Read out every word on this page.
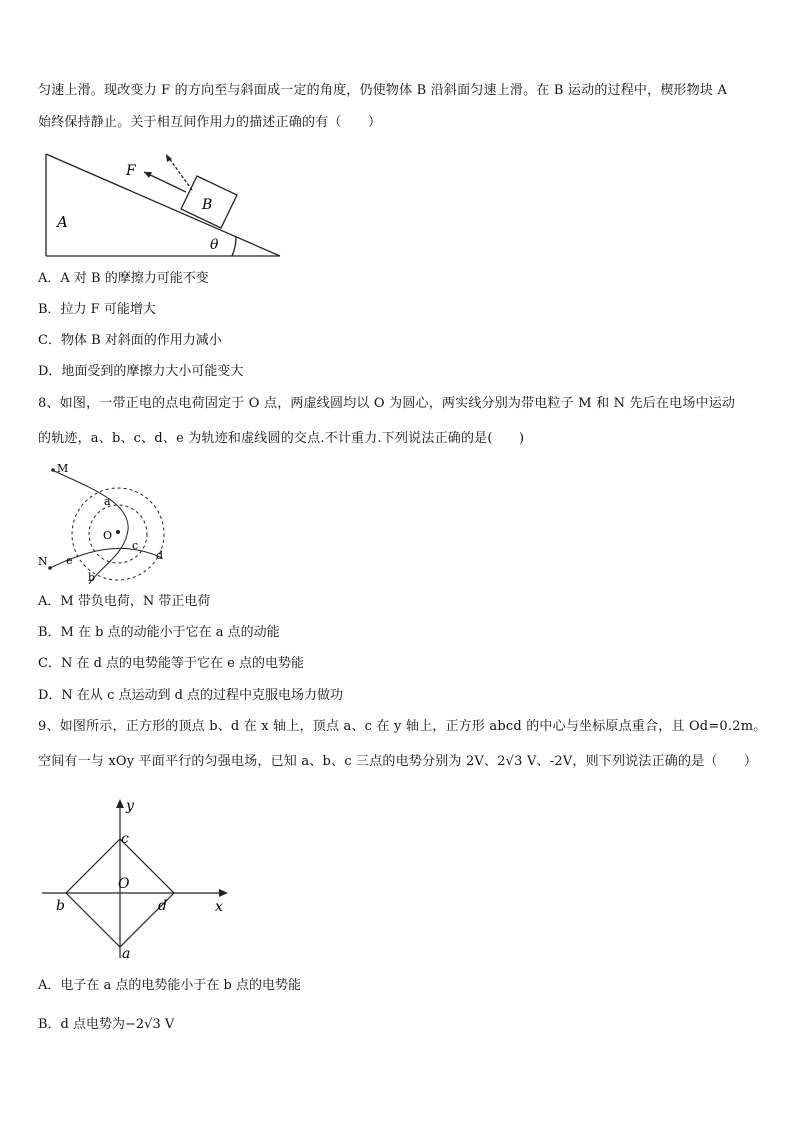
匀速上滑。现改变力 F 的方向至与斜面成一定的角度，仍使物体 B 沿斜面匀速上滑。在 B 运动的过程中，楔形物块 A
始终保持静止。关于相互间作用力的描述正确的有（　　）
A
B
F
θ
A．A 对 B 的摩擦力可能不变
B．拉力 F 可能增大
C．物体 B 对斜面的作用力减小
D．地面受到的摩擦力大小可能变大
8、如图，一带正电的点电荷固定于 O 点，两虚线圆均以 O 为圆心，两实线分别为带电粒子 M 和 N 先后在电场中运动
的轨迹，a、b、c、d、e 为轨迹和虚线圆的交点.不计重力.下列说法正确的是(　　)
M
N
O
a
b
c
d
e
A．M 带负电荷，N 带正电荷
B．M 在 b 点的动能小于它在 a 点的动能
C．N 在 d 点的电势能等于它在 e 点的电势能
D．N 在从 c 点运动到 d 点的过程中克服电场力做功
9、如图所示，正方形的顶点 b、d 在 x 轴上，顶点 a、c 在 y 轴上，正方形 abcd 的中心与坐标原点重合，且 Od=0.2m。
空间有一与 xOy 平面平行的匀强电场，已知 a、b、c 三点的电势分别为 2V、2√3 V、-2V，则下列说法正确的是（　　）
y
x
O
c
a
b	d
A．电子在 a 点的电势能小于在 b 点的电势能
B．d 点电势为−2√3 V
